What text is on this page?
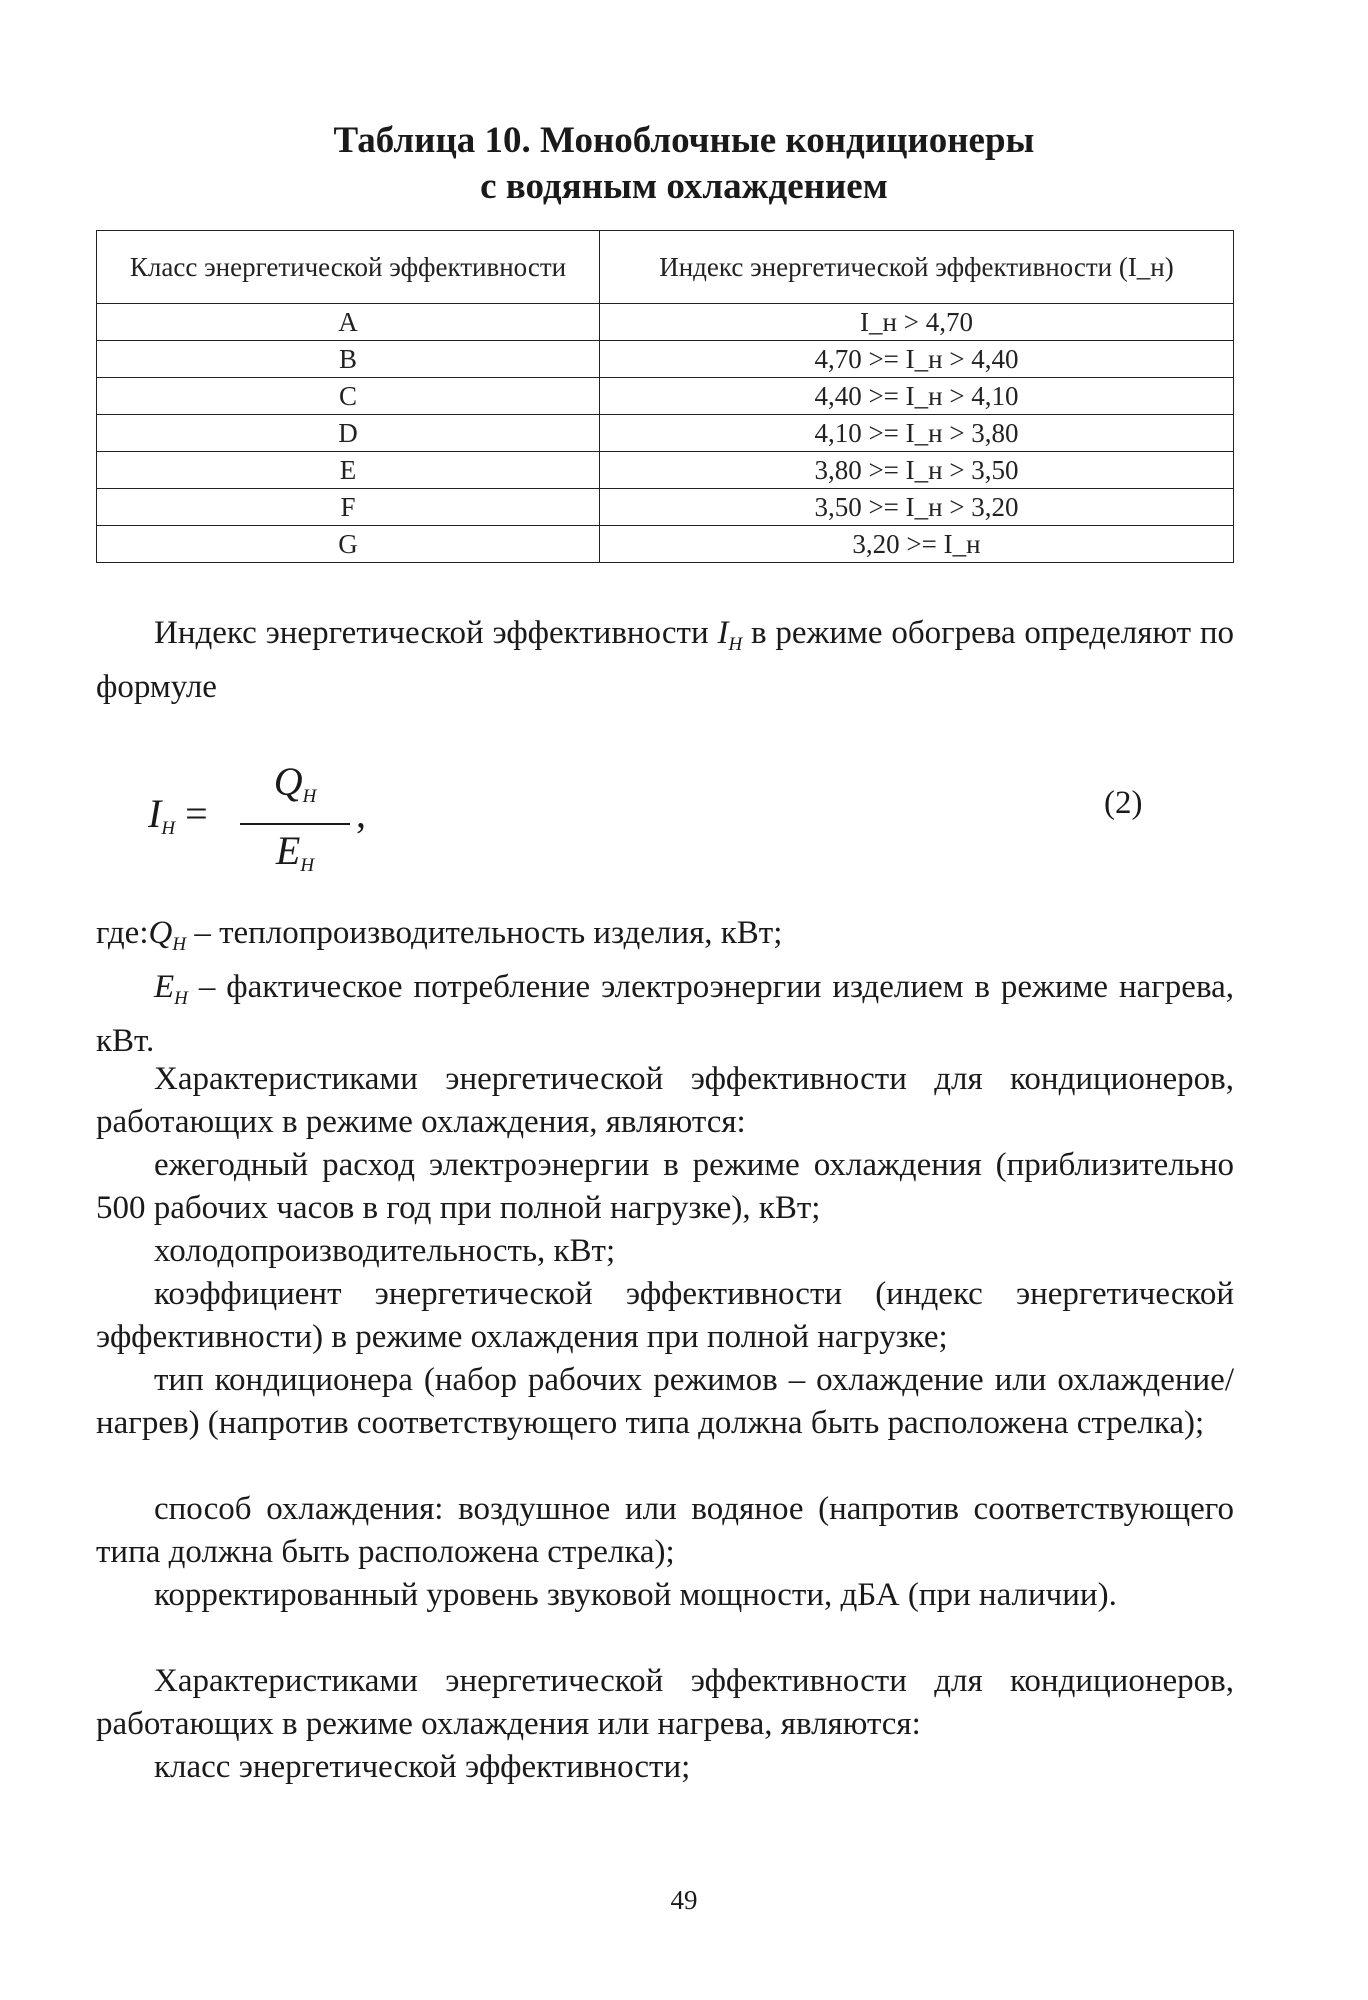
Таблица 10. Моноблочные кондиционеры
с водяным охлаждением
Класс энергетической эффективности	Индекс энергетической эффективности (I_н)
A	I_н > 4,70
B	4,70 >= I_н > 4,40
C	4,40 >= I_н > 4,10
D	4,10 >= I_н > 3,80
E	3,80 >= I_н > 3,50
F	3,50 >= I_н > 3,20
G	3,20 >= I_н
Индекс энергетической эффективности $I_H$ в режиме обогрева определяют по формуле
$I_H$ =
$Q_H$
$E_H$
,	(2)
$где:Q_H$ – теплопроизводительность изделия, кВт;
$E_H$ – фактическое потребление электроэнергии изделием в режиме нагрева, кВт.
Характеристиками энергетической эффективности для кондиционеров, работающих в режиме охлаждения, являются:
ежегодный расход электроэнергии в режиме охлаждения (приблизительно 500 рабочих часов в год при полной нагрузке), кВт;
холодопроизводительность, кВт;
коэффициент энергетической эффективности (индекс энергетической эффективности) в режиме охлаждения при полной нагрузке;
тип кондиционера (набор рабочих режимов – охлаждение или охлаждение/нагрев) (напротив соответствующего типа должна быть расположена стрелка);
способ охлаждения: воздушное или водяное (напротив соответствующего типа должна быть расположена стрелка);
корректированный уровень звуковой мощности, дБА (при наличии).
Характеристиками энергетической эффективности для кондиционеров, работающих в режиме охлаждения или нагрева, являются:
класс энергетической эффективности;
49
